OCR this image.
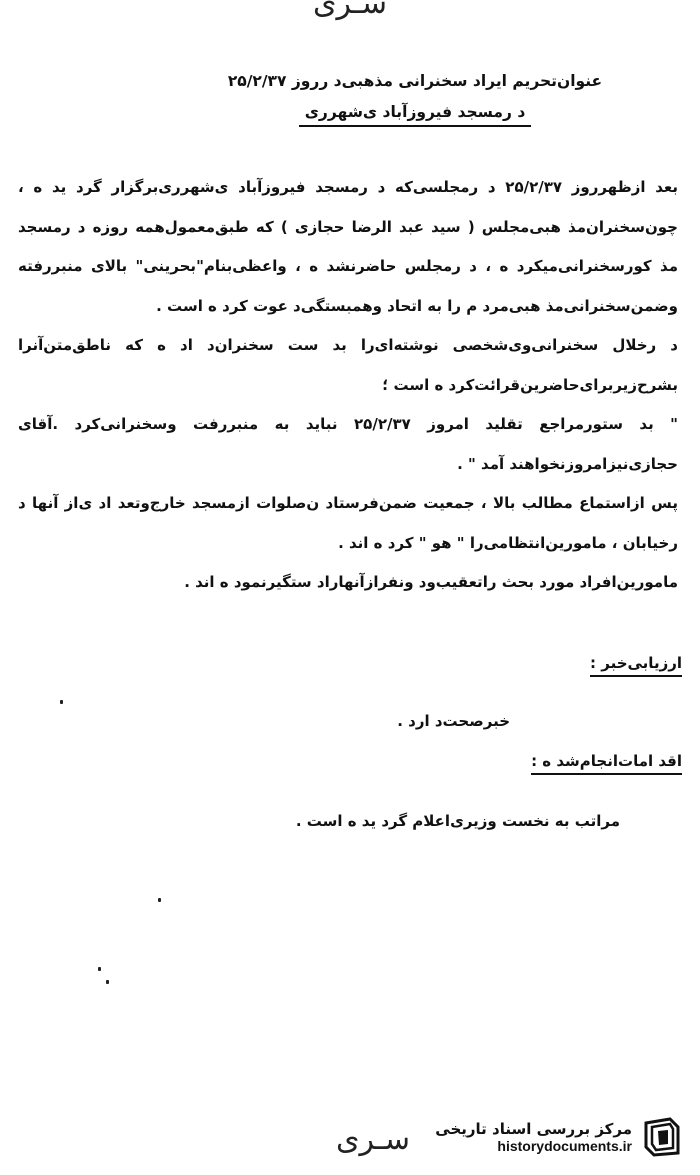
سـرى
عنوان‌تحریم ایراد سخنرانی مذهبی‌د رروز ۲۵/۲/۳۷
د رمسجد فیروزآباد ی‌شهرری

بعد ازظهرروز ۲۵/۲/۳۷ د رمجلسی‌که د رمسجد فیروزآباد ی‌شهرری‌برگزار گرد ید ه ، چون‌سخنران‌مذ هبی‌مجلس ( سید عبد الرضا حجازی ) که طبق‌معمول‌همه روزه د رمسجد مذ کورسخنرانی‌میکرد ه ، د رمجلس حاضرنشد ه ، واعظی‌بنام‌"بحرینی" بالای منبررفته وضمن‌سخنرانی‌مذ هبی‌مرد م را به اتحاد وهمبستگی‌د عوت کرد ه است .

د رخلال سخنرانی‌وی‌شخصی نوشته‌ای‌را بد ست سخنران‌د اد ه که ناطق‌متن‌آنرا بشرح‌زیربرای‌حاضرین‌قرائت‌کرد ه است ؛

" بد ستورمراجع تقلید امروز ۲۵/۲/۳۷ نباید به منبررفت وسخنرانی‌کرد .آقای حجازی‌نیزامروزنخواهند آمد " .

پس ازاستماع مطالب بالا ، جمعیت ضمن‌فرستاد ن‌صلوات ازمسجد خارج‌وتعد اد ی‌از آنها د رخیابان ، مامورین‌انتظامی‌را " هو " کرد ه اند .

مامورین‌افراد مورد بحث راتعقیب‌ود ونفرازآنهاراد ستگیرنمود ه اند .

ارزیابی‌خبر :
خبرصحت‌د ارد .
اقد امات‌انجام‌شد ه :
مراتب به نخست وزیری‌اعلام گرد ید ه است .
سـرى مرکز بررسی اسناد تاریخی
historydocuments.ir
